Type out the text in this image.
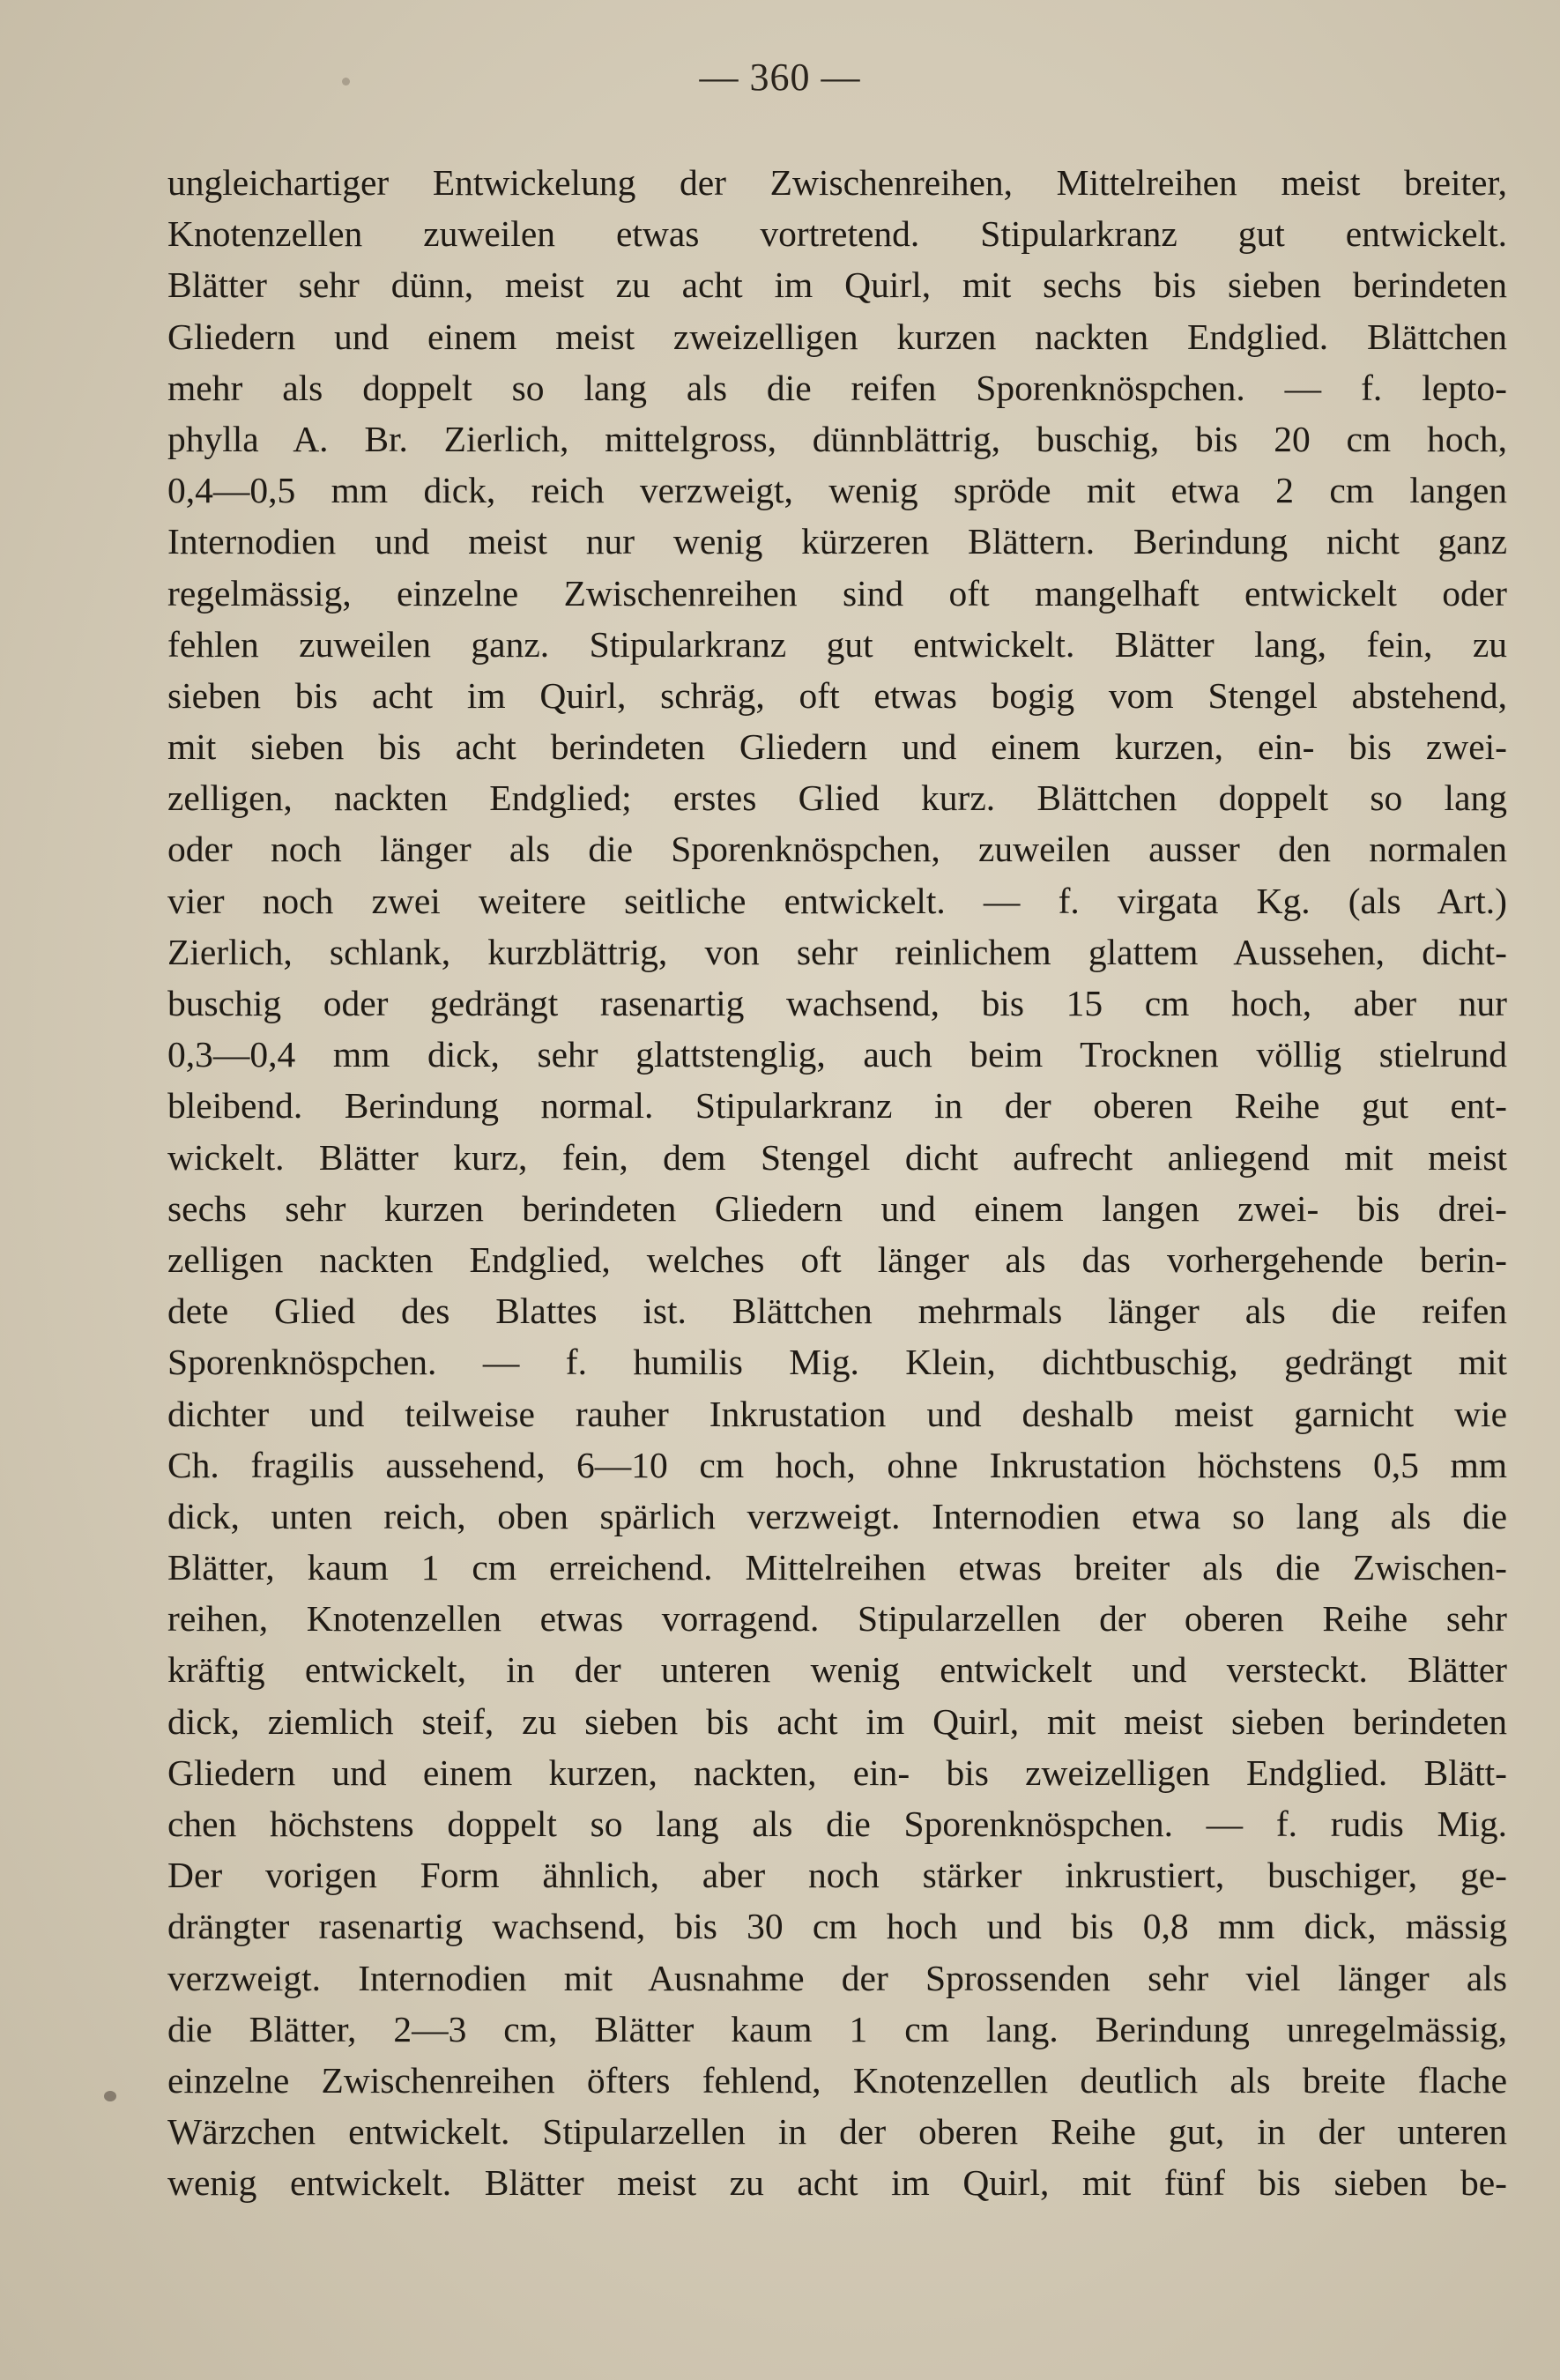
— 360 —
ungleichartiger Entwickelung der Zwischenreihen, Mittelreihen meist breiter,
Knotenzellen zuweilen etwas vortretend. Stipularkranz gut entwickelt.
Blätter sehr dünn, meist zu acht im Quirl, mit sechs bis sieben berindeten
Gliedern und einem meist zweizelligen kurzen nackten Endglied. Blättchen
mehr als doppelt so lang als die reifen Sporenknöspchen. — f. lepto-
phylla A. Br. Zierlich, mittelgross, dünnblättrig, buschig, bis 20 cm hoch,
0,4—0,5 mm dick, reich verzweigt, wenig spröde mit etwa 2 cm langen
Internodien und meist nur wenig kürzeren Blättern. Berindung nicht ganz
regelmässig, einzelne Zwischenreihen sind oft mangelhaft entwickelt oder
fehlen zuweilen ganz. Stipularkranz gut entwickelt. Blätter lang, fein, zu
sieben bis acht im Quirl, schräg, oft etwas bogig vom Stengel abstehend,
mit sieben bis acht berindeten Gliedern und einem kurzen, ein- bis zwei-
zelligen, nackten Endglied; erstes Glied kurz. Blättchen doppelt so lang
oder noch länger als die Sporenknöspchen, zuweilen ausser den normalen
vier noch zwei weitere seitliche entwickelt. — f. virgata Kg. (als Art.)
Zierlich, schlank, kurzblättrig, von sehr reinlichem glattem Aussehen, dicht-
buschig oder gedrängt rasenartig wachsend, bis 15 cm hoch, aber nur
0,3—0,4 mm dick, sehr glattstenglig, auch beim Trocknen völlig stielrund
bleibend. Berindung normal. Stipularkranz in der oberen Reihe gut ent-
wickelt. Blätter kurz, fein, dem Stengel dicht aufrecht anliegend mit meist
sechs sehr kurzen berindeten Gliedern und einem langen zwei- bis drei-
zelligen nackten Endglied, welches oft länger als das vorhergehende berin-
dete Glied des Blattes ist. Blättchen mehrmals länger als die reifen
Sporenknöspchen. — f. humilis Mig. Klein, dichtbuschig, gedrängt mit
dichter und teilweise rauher Inkrustation und deshalb meist garnicht wie
Ch. fragilis aussehend, 6—10 cm hoch, ohne Inkrustation höchstens 0,5 mm
dick, unten reich, oben spärlich verzweigt. Internodien etwa so lang als die
Blätter, kaum 1 cm erreichend. Mittelreihen etwas breiter als die Zwischen-
reihen, Knotenzellen etwas vorragend. Stipularzellen der oberen Reihe sehr
kräftig entwickelt, in der unteren wenig entwickelt und versteckt. Blätter
dick, ziemlich steif, zu sieben bis acht im Quirl, mit meist sieben berindeten
Gliedern und einem kurzen, nackten, ein- bis zweizelligen Endglied. Blätt-
chen höchstens doppelt so lang als die Sporenknöspchen. — f. rudis Mig.
Der vorigen Form ähnlich, aber noch stärker inkrustiert, buschiger, ge-
drängter rasenartig wachsend, bis 30 cm hoch und bis 0,8 mm dick, mässig
verzweigt. Internodien mit Ausnahme der Sprossenden sehr viel länger als
die Blätter, 2—3 cm, Blätter kaum 1 cm lang. Berindung unregelmässig,
einzelne Zwischenreihen öfters fehlend, Knotenzellen deutlich als breite flache
Wärzchen entwickelt. Stipularzellen in der oberen Reihe gut, in der unteren
wenig entwickelt. Blätter meist zu acht im Quirl, mit fünf bis sieben be-
